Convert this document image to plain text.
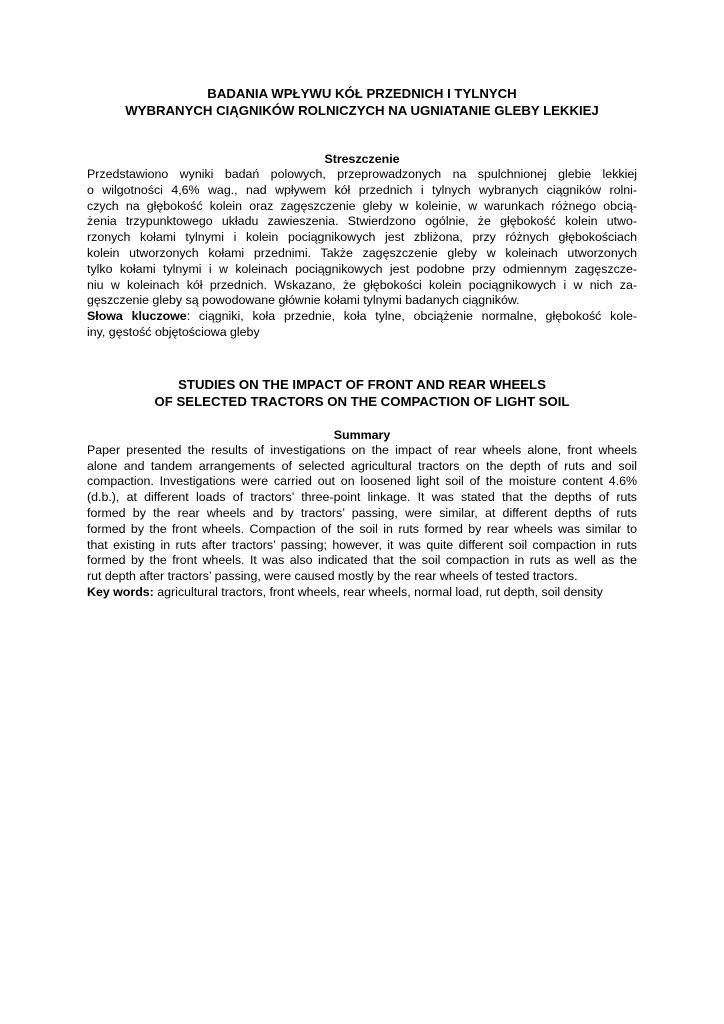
BADANIA WPŁYWU KÓŁ PRZEDNICH I TYLNYCH
WYBRANYCH CIĄGNIKÓW ROLNICZYCH NA UGNIATANIE GLEBY LEKKIEJ
Streszczenie
Przedstawiono wyniki badań polowych, przeprowadzonych na spulchnionej glebie lekkiej
o wilgotności 4,6% wag., nad wpływem kół przednich i tylnych wybranych ciągników rolni-
czych na głębokość kolein oraz zagęszczenie gleby w koleinie, w warunkach różnego obcią-
żenia trzypunktowego układu zawieszenia. Stwierdzono ogólnie, że głębokość kolein utwo-
rzonych kołami tylnymi i kolein pociągnikowych jest zbliżona, przy różnych głębokościach
kolein utworzonych kołami przednimi. Także zagęszczenie gleby w koleinach utworzonych
tylko kołami tylnymi i w koleinach pociągnikowych jest podobne przy odmiennym zagęszcze-
niu w koleinach kół przednich. Wskazano, że głębokości kolein pociągnikowych i w nich za-
gęszczenie gleby są powodowane głównie kołami tylnymi badanych ciągników.
Słowa kluczowe: ciągniki, koła przednie, koła tylne, obciążenie normalne, głębokość kole-
iny, gęstość objętościowa gleby
STUDIES ON THE IMPACT OF FRONT AND REAR WHEELS
OF SELECTED TRACTORS ON THE COMPACTION OF LIGHT SOIL
Summary
Paper presented the results of investigations on the impact of rear wheels alone, front wheels
alone and tandem arrangements of selected agricultural tractors on the depth of ruts and soil
compaction. Investigations were carried out on loosened light soil of the moisture content 4.6%
(d.b.), at different loads of tractors’ three-point linkage. It was stated that the depths of ruts
formed by the rear wheels and by tractors’ passing, were similar, at different depths of ruts
formed by the front wheels. Compaction of the soil in ruts formed by rear wheels was similar to
that existing in ruts after tractors’ passing; however, it was quite different soil compaction in ruts
formed by the front wheels. It was also indicated that the soil compaction in ruts as well as the
rut depth after tractors’ passing, were caused mostly by the rear wheels of tested tractors.
Key words: agricultural tractors, front wheels, rear wheels, normal load, rut depth, soil density
